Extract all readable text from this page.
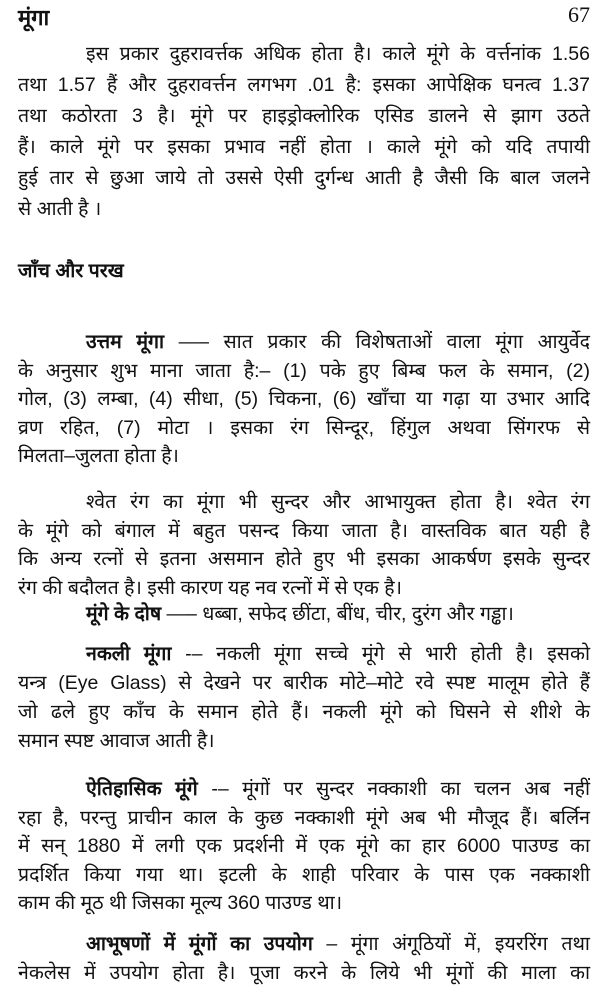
मूंगा	67
जाँच और परख
इस प्रकार दुहरावर्त्तक अधिक होता है। काले मूंगे के वर्त्तनांक 1.56
तथा 1.57 हैं और दुहरावर्त्तन लगभग .01 है: इसका आपेक्षिक घनत्व 1.37
तथा कठोरता 3 है। मूंगे पर हाइड्रोक्लोरिक एसिड डालने से झाग उठते
हैं। काले मूंगे पर इसका प्रभाव नहीं होता । काले मूंगे को यदि तपायी
हुई तार से छुआ जाये तो उससे ऐसी दुर्गन्ध आती है जैसी कि बाल जलने
से आती है ।
उत्तम मूंगा —– सात प्रकार की विशेषताओं वाला मूंगा आयुर्वेद
के अनुसार शुभ माना जाता है:– (1) पके हुए बिम्ब फल के समान, (2)
गोल, (3) लम्बा, (4) सीधा, (5) चिकना, (6) खाँचा या गढ़ा या उभार आदि
व्रण रहित, (7) मोटा । इसका रंग सिन्दूर, हिंगुल अथवा सिंगरफ से
मिलता–जुलता होता है।
श्वेत रंग का मूंगा भी सुन्दर और आभायुक्त होता है। श्वेत रंग
के मूंगे को बंगाल में बहुत पसन्द किया जाता है। वास्तविक बात यही है
कि अन्य रत्नों से इतना असमान होते हुए भी इसका आकर्षण इसके सुन्दर
रंग की बदौलत है। इसी कारण यह नव रत्नों में से एक है।
मूंगे के दोष —– धब्बा, सफेद छींटा, बींध, चीर, दुरंग और गड्ढा।
नकली मूंगा -– नकली मूंगा सच्चे मूंगे से भारी होती है। इसको
यन्त्र (Eye Glass) से देखने पर बारीक मोटे–मोटे रवे स्पष्ट मालूम होते हैं
जो ढले हुए काँच के समान होते हैं। नकली मूंगे को घिसने से शीशे के
समान स्पष्ट आवाज आती है।
ऐतिहासिक मूंगे -– मूंगों पर सुन्दर नक्काशी का चलन अब नहीं
रहा है, परन्तु प्राचीन काल के कुछ नक्काशी मूंगे अब भी मौजूद हैं। बर्लिन
में सन् 1880 में लगी एक प्रदर्शनी में एक मूंगे का हार 6000 पाउण्ड का
प्रदर्शित किया गया था। इटली के शाही परिवार के पास एक नक्काशी
काम की मूठ थी जिसका मूल्य 360 पाउण्ड था।
आभूषणों में मूंगों का उपयोग – मूंगा अंगूठियों में, इयररिंग तथा
नेकलेस में उपयोग होता है। पूजा करने के लिये भी मूंगों की माला का
